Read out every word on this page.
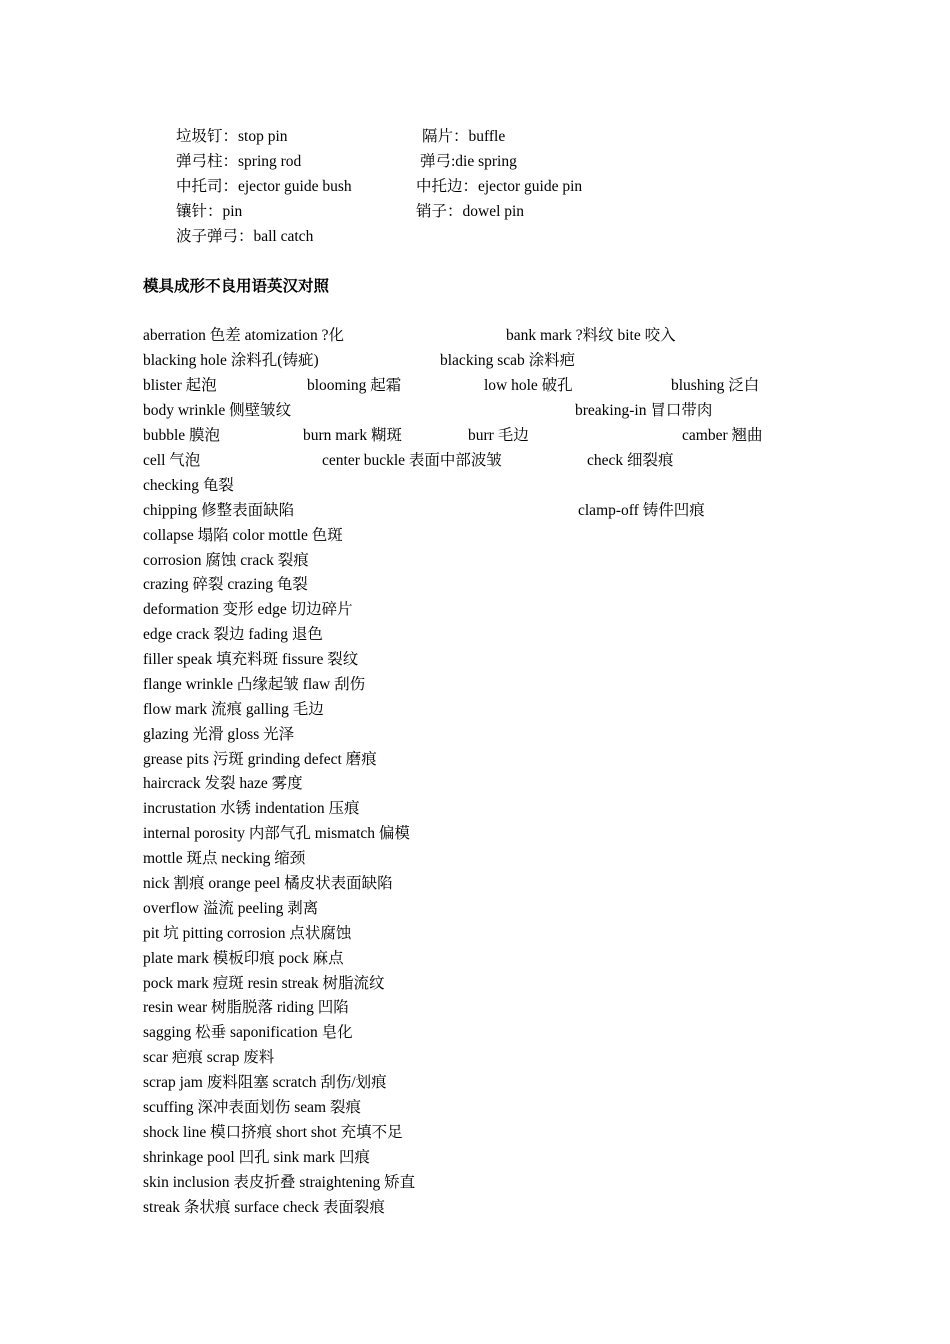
垃圾钉：stop pin	隔片：buffle
弹弓柱：spring rod	弹弓:die spring
中托司：ejector guide bush	中托边：ejector guide pin
镶针：pin	销子：dowel pin
波子弹弓：ball catch
模具成形不良用语英汉对照
aberration 色差 atomization ?化	bank mark ?料纹 bite 咬入
blacking hole 涂料孔(铸疵)	blacking scab 涂料疤
blister 起泡	blooming 起霜	low hole 破孔	blushing 泛白
body wrinkle 侧壁皱纹	breaking-in 冒口带肉
bubble 膜泡	burn mark 糊斑	burr 毛边	camber 翘曲
cell 气泡	center buckle 表面中部波皱	check 细裂痕
checking 龟裂
chipping 修整表面缺陷	clamp-off 铸件凹痕
collapse 塌陷 color mottle 色斑
corrosion 腐蚀 crack 裂痕
crazing 碎裂 crazing 龟裂
deformation 变形 edge 切边碎片
edge crack 裂边 fading 退色
filler speak 填充料斑 fissure 裂纹
flange wrinkle 凸缘起皱 flaw 刮伤
flow mark 流痕 galling 毛边
glazing 光滑 gloss 光泽
grease pits 污斑 grinding defect 磨痕
haircrack 发裂 haze 雾度
incrustation 水锈 indentation 压痕
internal porosity 内部气孔 mismatch 偏模
mottle 斑点 necking 缩颈
nick 割痕 orange peel 橘皮状表面缺陷
overflow 溢流 peeling 剥离
pit 坑 pitting corrosion 点状腐蚀
plate mark 模板印痕 pock 麻点
pock mark 痘斑 resin streak 树脂流纹
resin wear 树脂脱落 riding 凹陷
sagging 松垂 saponification 皂化
scar 疤痕 scrap 废料
scrap jam 废料阻塞 scratch 刮伤/划痕
scuffing 深冲表面划伤 seam 裂痕
shock line 模口挤痕 short shot 充填不足
shrinkage pool 凹孔 sink mark 凹痕
skin inclusion 表皮折叠 straightening 矫直
streak 条状痕 surface check 表面裂痕
